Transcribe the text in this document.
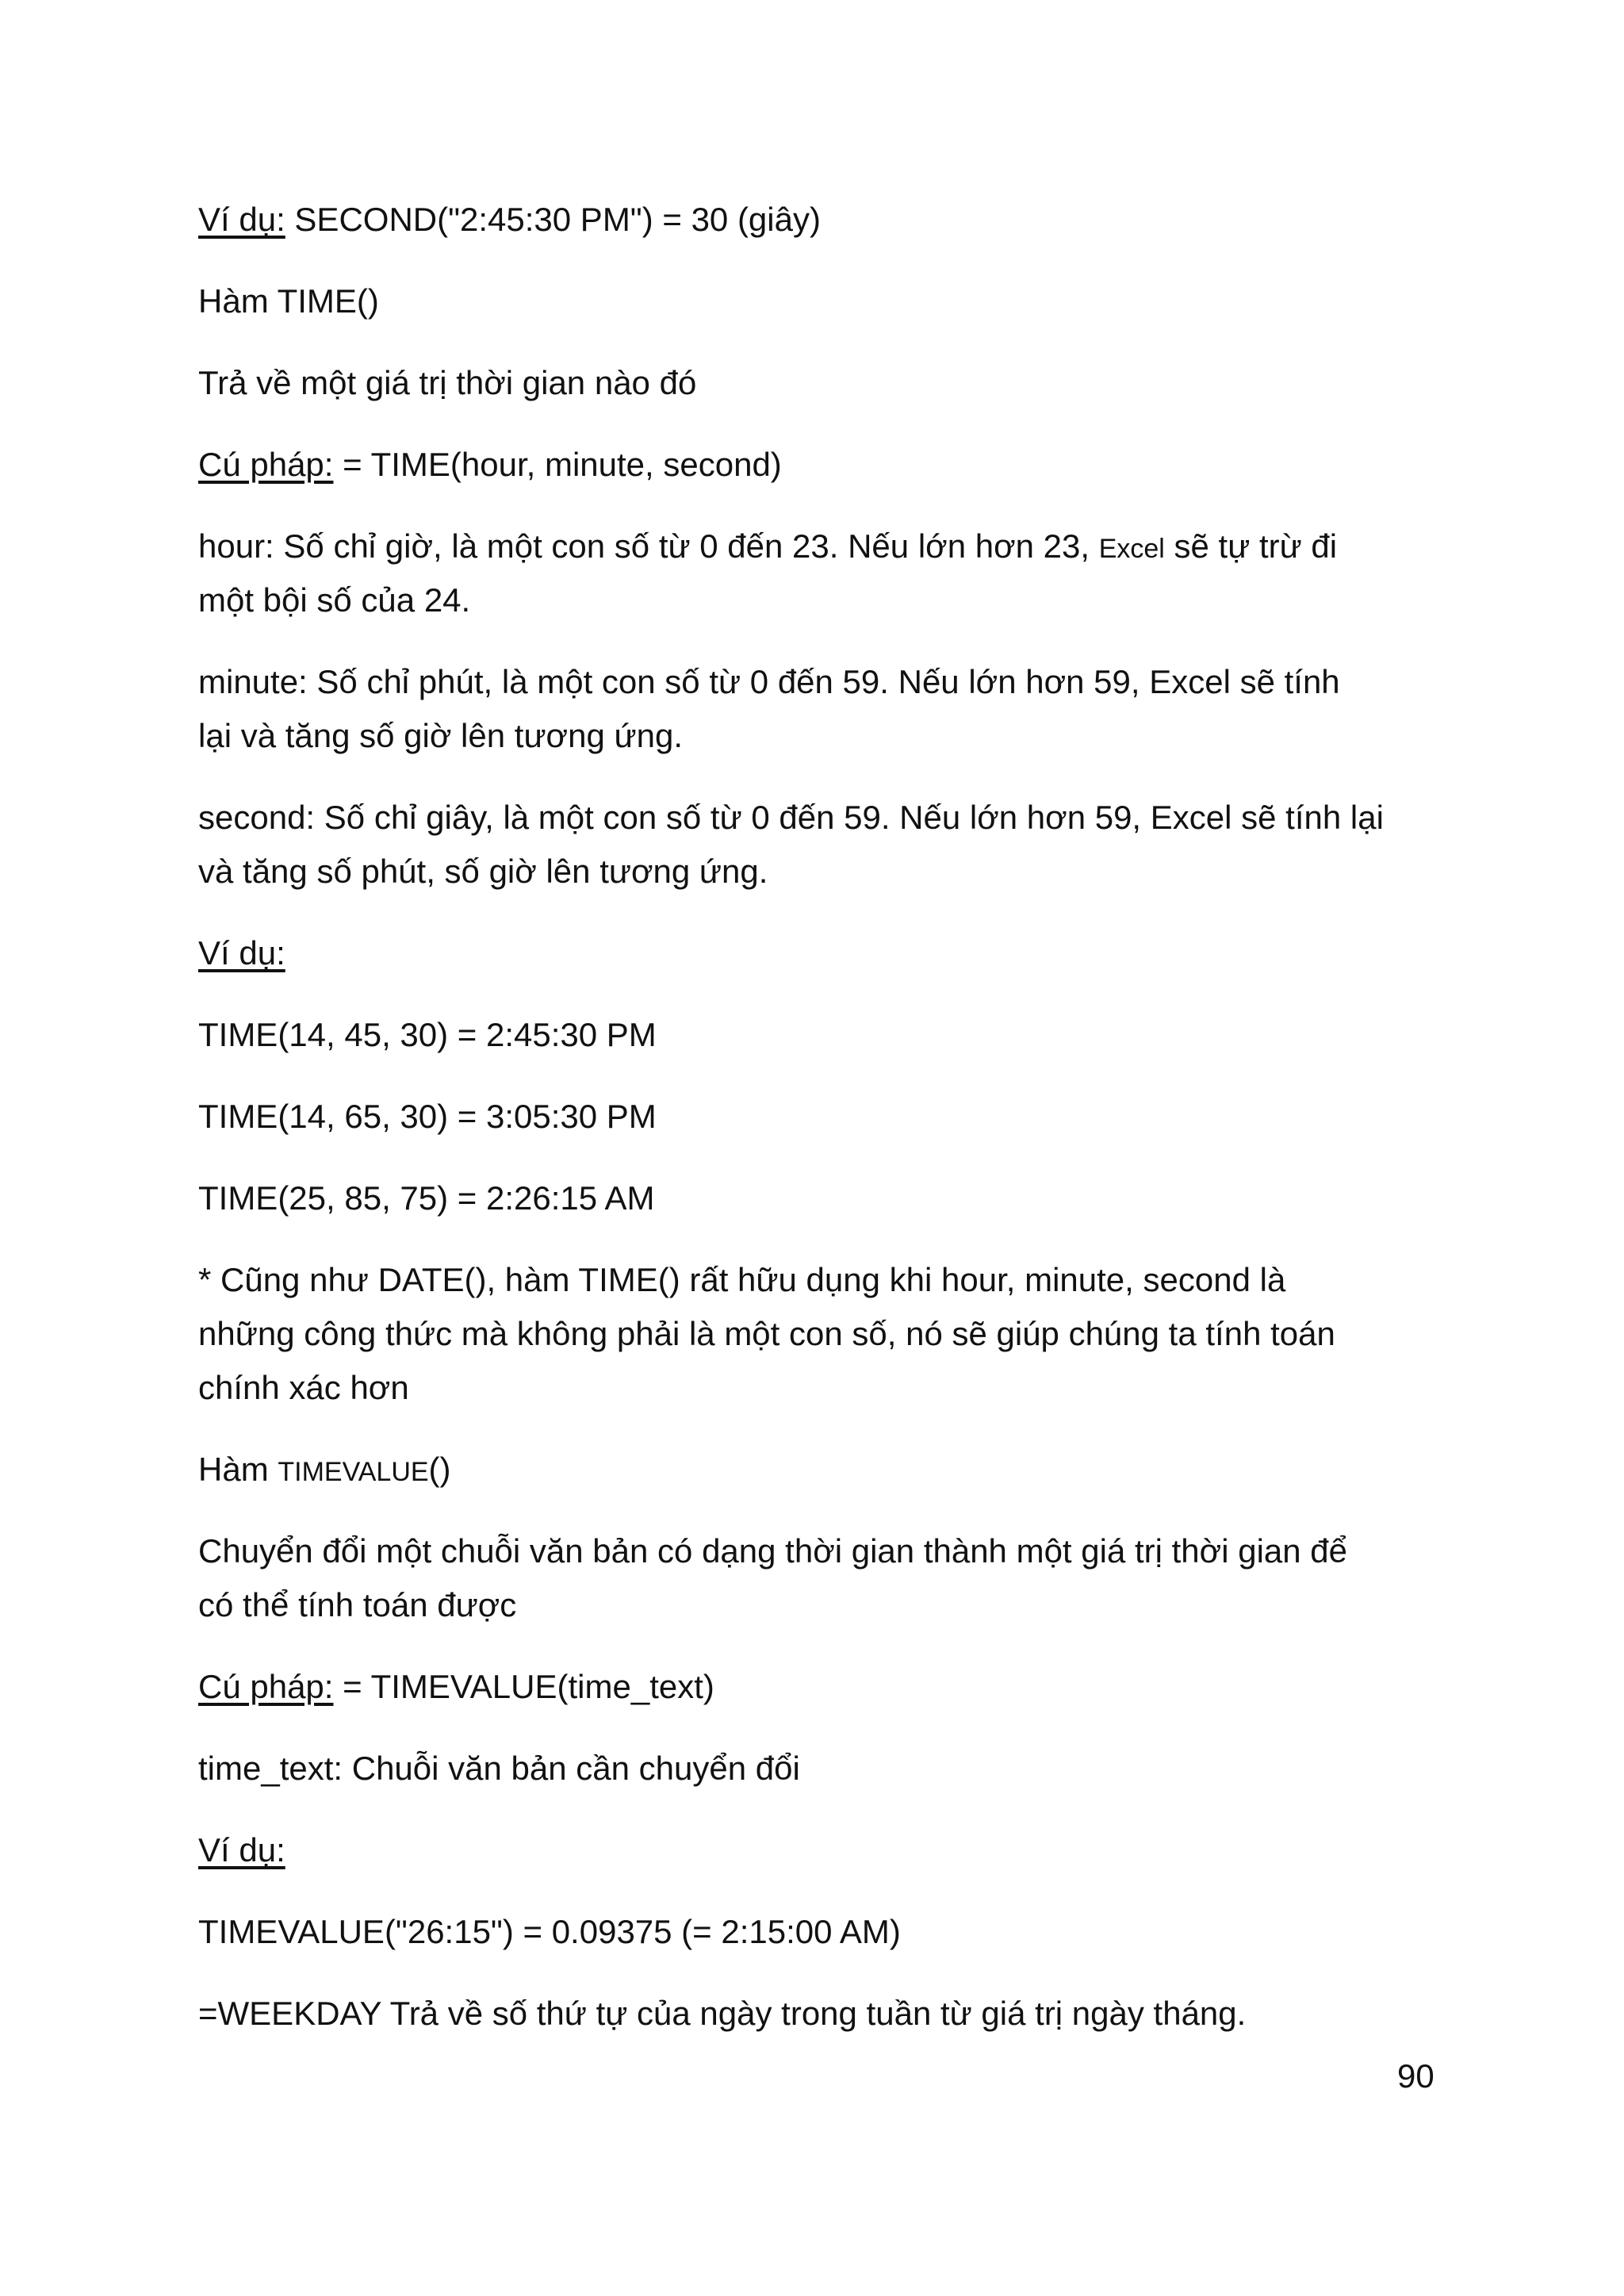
Ví dụ: SECOND("2:45:30 PM") = 30 (giây)

Hàm TIME()

Trả về một giá trị thời gian nào đó

Cú pháp: = TIME(hour, minute, second)

hour: Số chỉ giờ, là một con số từ 0 đến 23. Nếu lớn hơn 23, Excel sẽ tự trừ đi

một bội số của 24.

minute: Số chỉ phút, là một con số từ 0 đến 59. Nếu lớn hơn 59, Excel sẽ tính

lại và tăng số giờ lên tương ứng.

second: Số chỉ giây, là một con số từ 0 đến 59. Nếu lớn hơn 59, Excel sẽ tính lại

và tăng số phút, số giờ lên tương ứng.

Ví dụ:

TIME(14, 45, 30) = 2:45:30 PM

TIME(14, 65, 30) = 3:05:30 PM

TIME(25, 85, 75) = 2:26:15 AM

* Cũng như DATE(), hàm TIME() rất hữu dụng khi hour, minute, second là

những công thức mà không phải là một con số, nó sẽ giúp chúng ta tính toán

chính xác hơn

Hàm TIMEVALUE()

Chuyển đổi một chuỗi văn bản có dạng thời gian thành một giá trị thời gian để

có thể tính toán được

Cú pháp: = TIMEVALUE(time_text)

time_text: Chuỗi văn bản cần chuyển đổi

Ví dụ:

TIMEVALUE("26:15") = 0.09375 (= 2:15:00 AM)

=WEEKDAY Trả về số thứ tự của ngày trong tuần từ giá trị ngày tháng.

90
